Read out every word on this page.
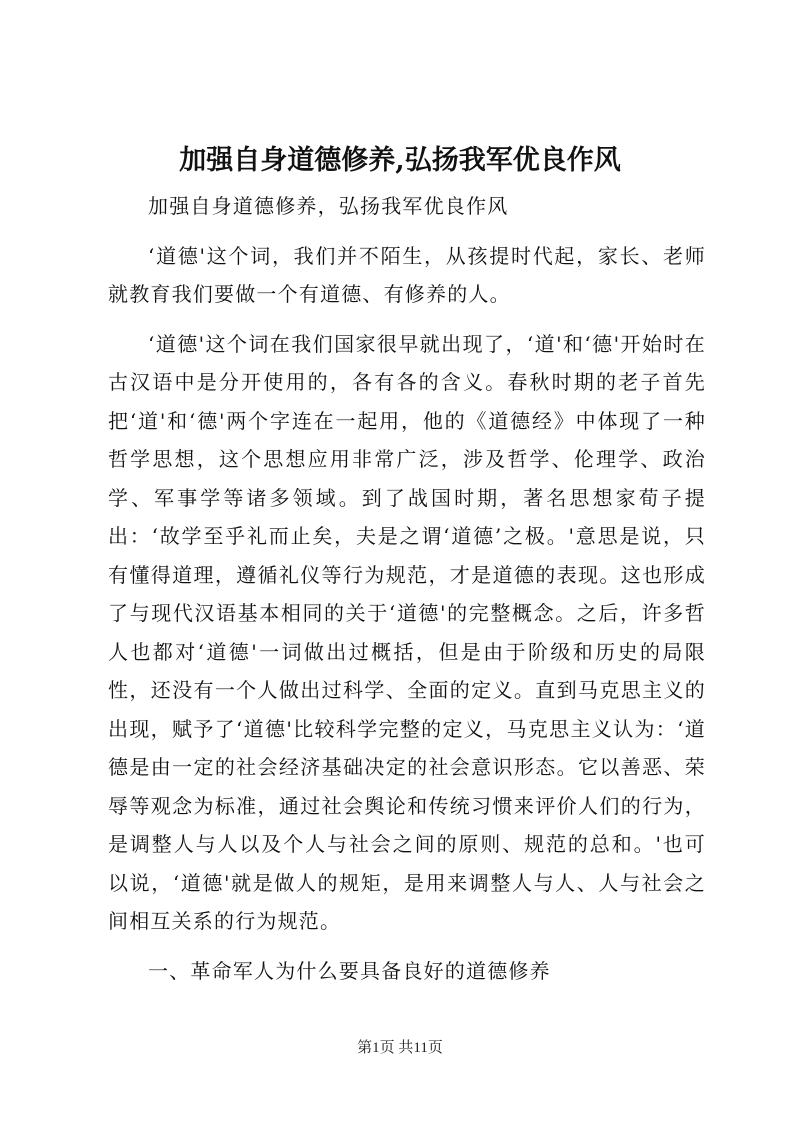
加强自身道德修养,弘扬我军优良作风

加强自身道德修养，弘扬我军优良作风

‘道德'这个词，我们并不陌生，从孩提时代起，家长、老师就教育我们要做一个有道德、有修养的人。

‘道德'这个词在我们国家很早就出现了，‘道'和‘德'开始时在古汉语中是分开使用的，各有各的含义。春秋时期的老子首先把‘道'和‘德'两个字连在一起用，他的《道德经》中体现了一种哲学思想，这个思想应用非常广泛，涉及哲学、伦理学、政治学、军事学等诸多领域。到了战国时期，著名思想家荀子提出：‘故学至乎礼而止矣，夫是之谓‘道德’之极。'意思是说，只有懂得道理，遵循礼仪等行为规范，才是道德的表现。这也形成了与现代汉语基本相同的关于‘道德'的完整概念。之后，许多哲人也都对‘道德'一词做出过概括，但是由于阶级和历史的局限性，还没有一个人做出过科学、全面的定义。直到马克思主义的出现，赋予了‘道德'比较科学完整的定义，马克思主义认为：‘道德是由一定的社会经济基础决定的社会意识形态。它以善恶、荣辱等观念为标准，通过社会舆论和传统习惯来评价人们的行为，是调整人与人以及个人与社会之间的原则、规范的总和。'也可以说，‘道德'就是做人的规矩，是用来调整人与人、人与社会之间相互关系的行为规范。

一、革命军人为什么要具备良好的道德修养

第1页 共11页
